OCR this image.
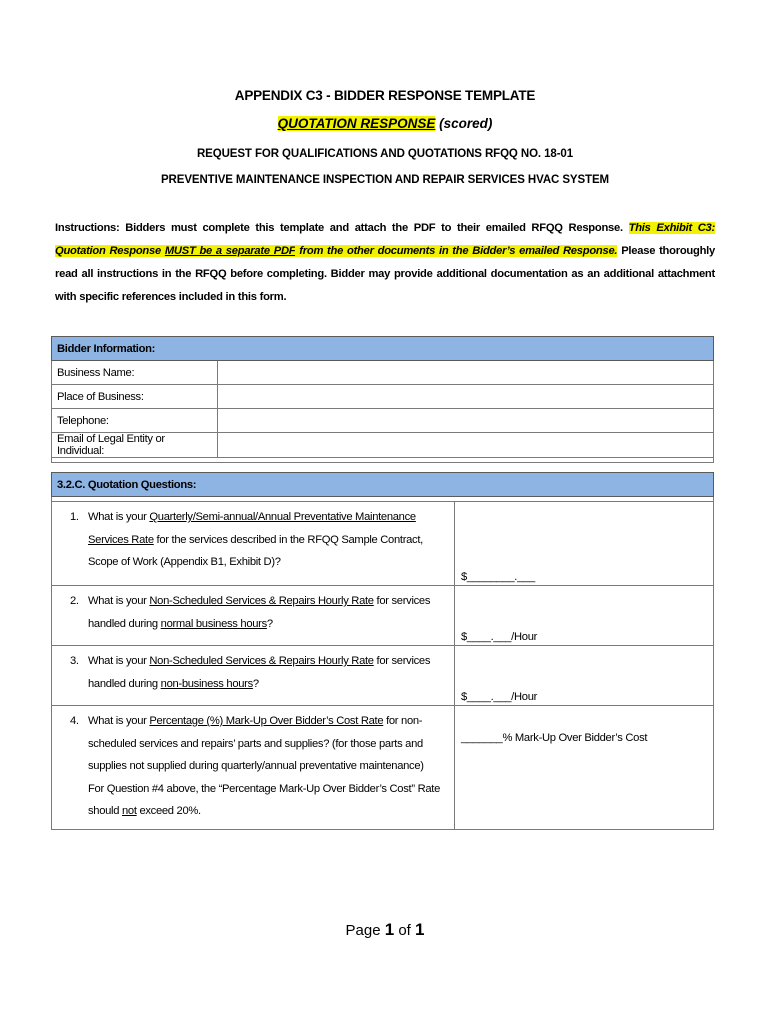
APPENDIX C3 - BIDDER RESPONSE TEMPLATE
QUOTATION RESPONSE (scored)
REQUEST FOR QUALIFICATIONS AND QUOTATIONS RFQQ NO. 18-01
PREVENTIVE MAINTENANCE INSPECTION AND REPAIR SERVICES HVAC SYSTEM
Instructions: Bidders must complete this template and attach the PDF to their emailed RFQQ Response. This Exhibit C3: Quotation Response MUST be a separate PDF from the other documents in the Bidder’s emailed Response. Please thoroughly read all instructions in the RFQQ before completing. Bidder may provide additional documentation as an additional attachment with specific references included in this form.
Bidder Information:	
Business Name:	
Place of Business:	
Telephone:	
Email of Legal Entity or Individual:	

3.2.C. Quotation Questions:	

1. What is your Quarterly/Semi-annual/Annual Preventative Maintenance Services Rate for the services described in the RFQQ Sample Contract, Scope of Work (Appendix B1, Exhibit D)?	$________.___
2. What is your Non-Scheduled Services & Repairs Hourly Rate for services handled during normal business hours?	$____.___/Hour
3. What is your Non-Scheduled Services & Repairs Hourly Rate for services handled during non-business hours?	$____.___/Hour
4. What is your Percentage (%) Mark-Up Over Bidder’s Cost Rate for non-scheduled services and repairs’ parts and supplies? (for those parts and supplies not supplied during quarterly/annual preventative maintenance)
For Question #4 above, the “Percentage Mark-Up Over Bidder’s Cost” Rate should not exceed 20%.	_______% Mark-Up Over Bidder’s Cost
Page 1 of 1
